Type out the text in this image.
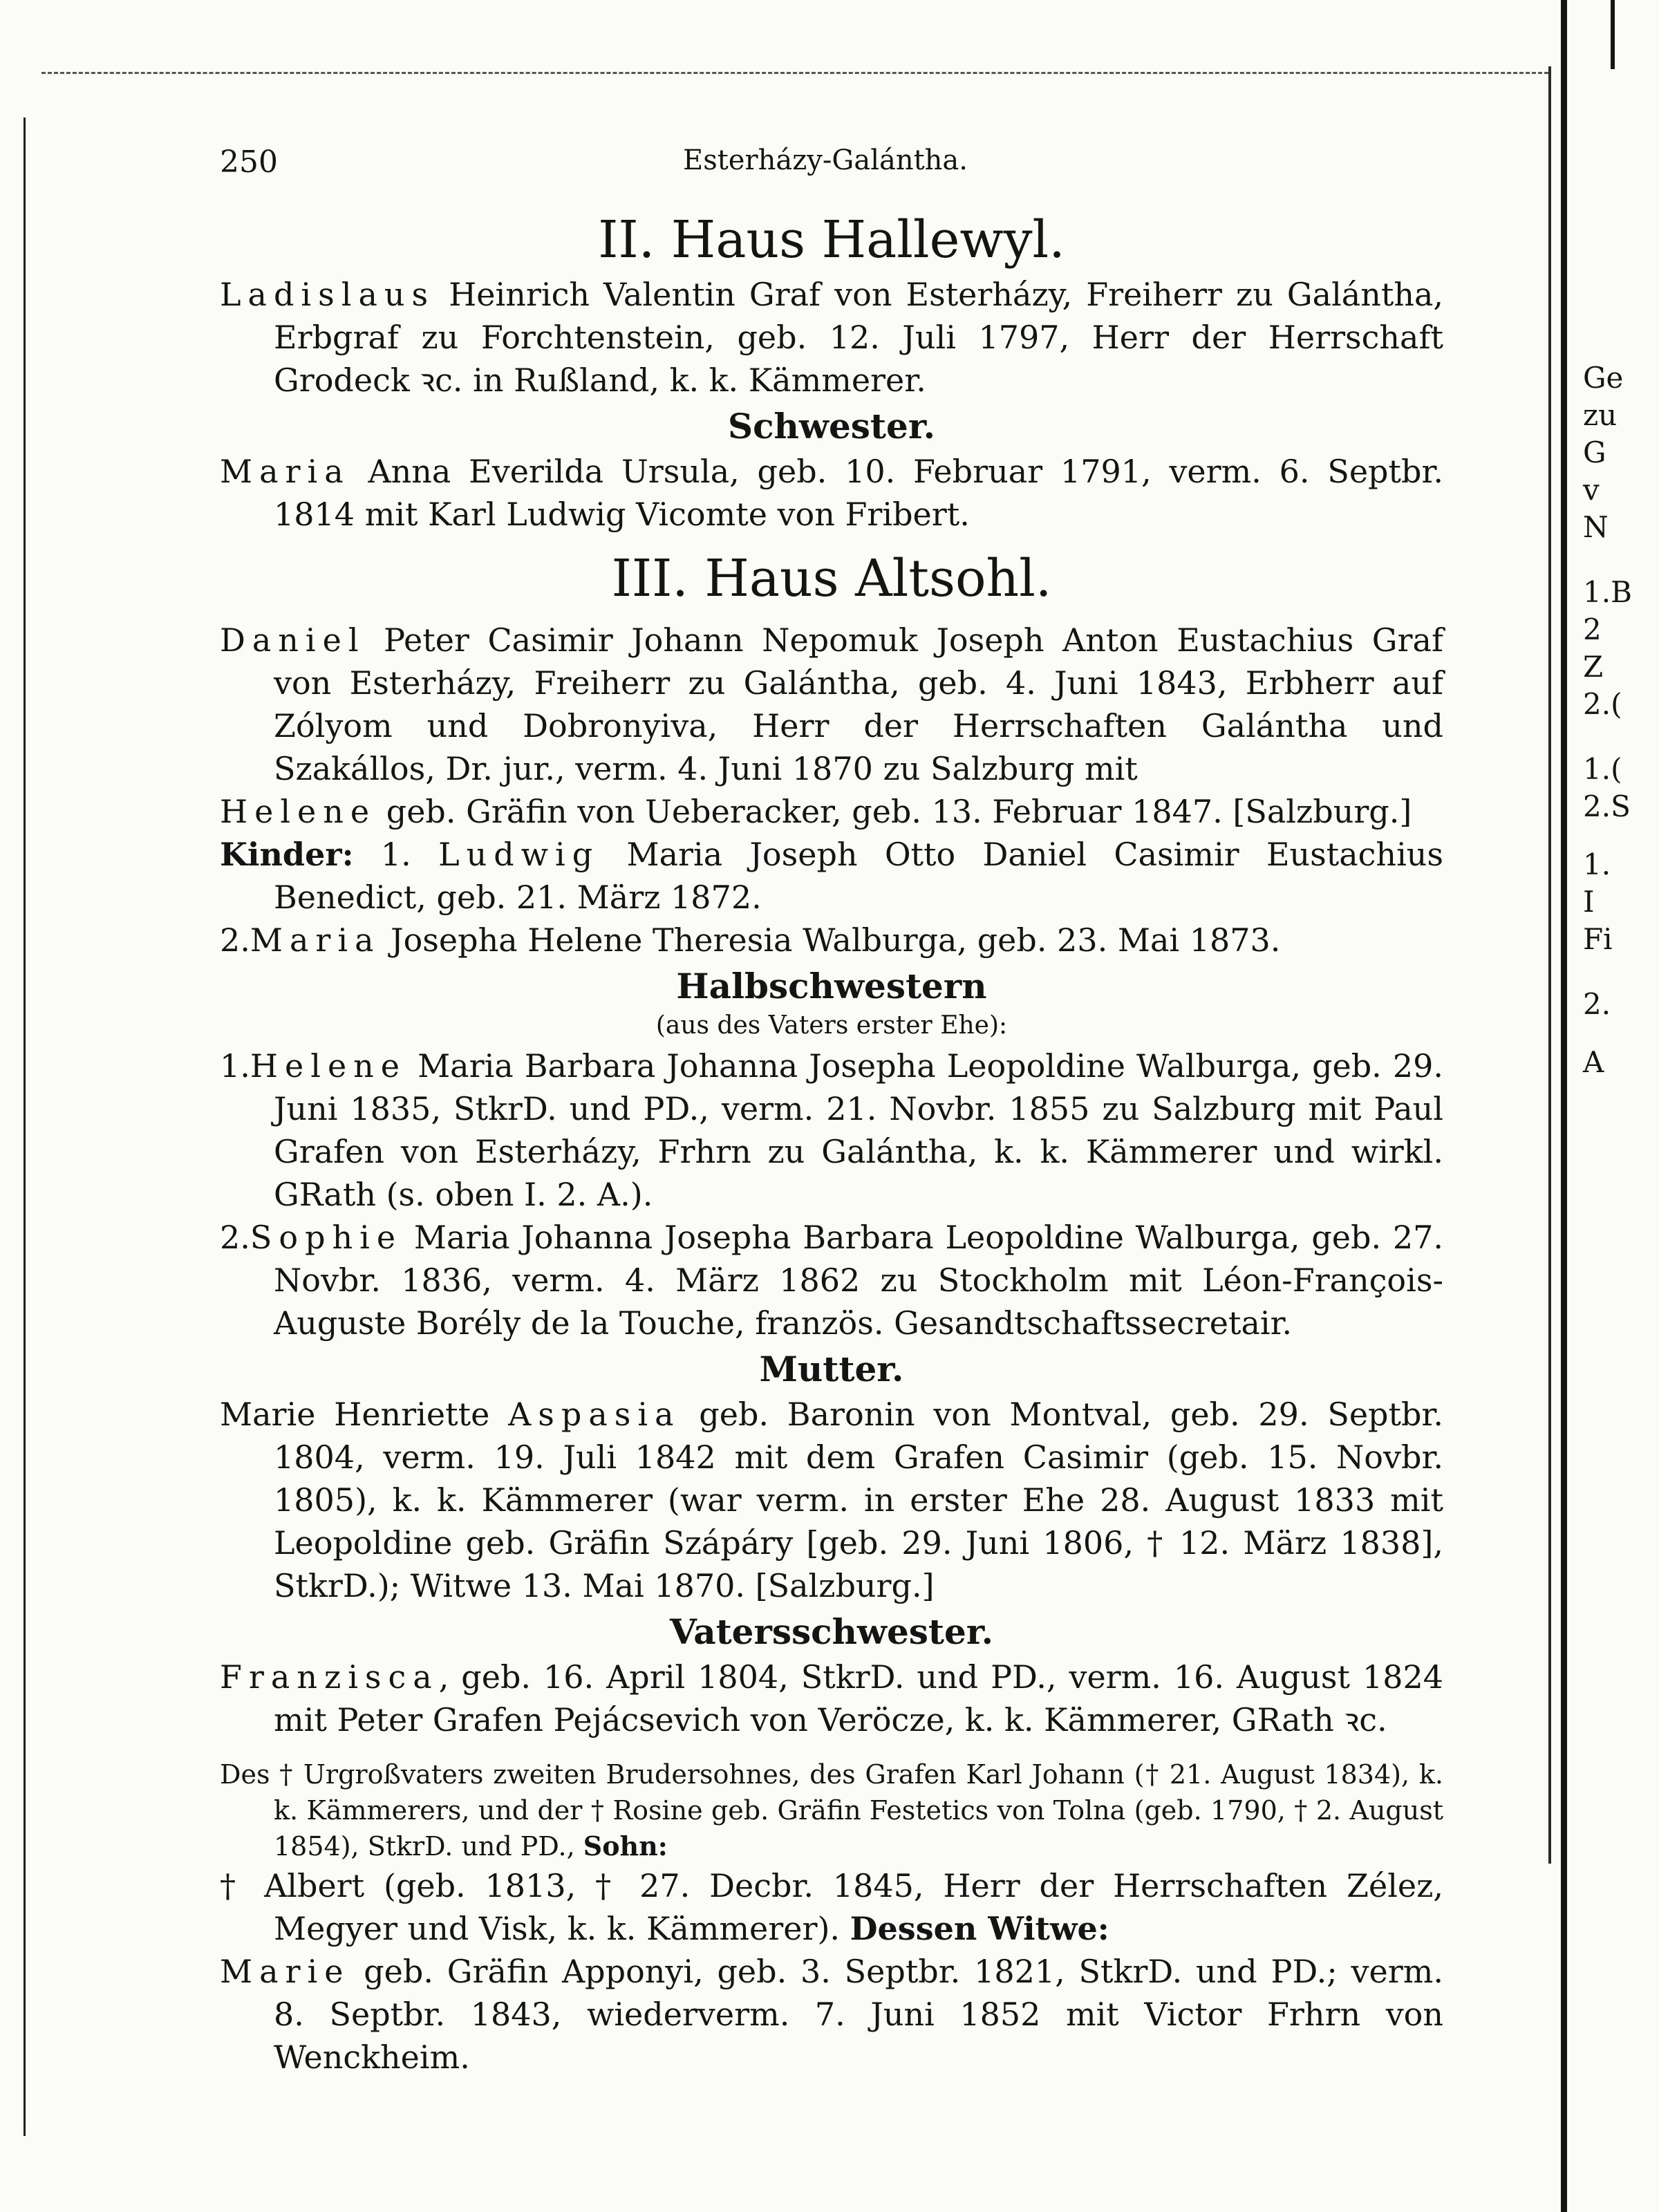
Ge
zu
G
v
N
1.B
2
Z
2.(
1.(
2.S
1.
I
Fi
2.
A
250	Esterházy-Galántha.
II. Haus Hallewyl.

Ladislaus Heinrich Valentin Graf von Esterházy, Freiherr zu Galántha, Erbgraf zu Forchtenstein, geb. 12. Juli 1797, Herr der Herrschaft Grodeck ꝛc. in Rußland, k. k. Kämmerer.

Schwester.

Maria Anna Everilda Ursula, geb. 10. Februar 1791, verm. 6. Septbr. 1814 mit Karl Ludwig Vicomte von Fribert.

III. Haus Altsohl.

Daniel Peter Casimir Johann Nepomuk Joseph Anton Eustachius Graf von Esterházy, Freiherr zu Galántha, geb. 4. Juni 1843, Erbherr auf Zólyom und Dobronyiva, Herr der Herrschaften Galántha und Szakállos, Dr. jur., verm. 4. Juni 1870 zu Salzburg mit

Helene geb. Gräfin von Ueberacker, geb. 13. Februar 1847. [Salzburg.]

Kinder: 1. Ludwig Maria Joseph Otto Daniel Casimir Eustachius Benedict, geb. 21. März 1872.

2.Maria Josepha Helene Theresia Walburga, geb. 23. Mai 1873.

Halbschwestern
(aus des Vaters erster Ehe):

1.Helene Maria Barbara Johanna Josepha Leopoldine Walburga, geb. 29. Juni 1835, StkrD. und PD., verm. 21. Novbr. 1855 zu Salzburg mit Paul Grafen von Esterházy, Frhrn zu Galántha, k. k. Kämmerer und wirkl. GRath (s. oben I. 2. A.).

2.Sophie Maria Johanna Josepha Barbara Leopoldine Walburga, geb. 27. Novbr. 1836, verm. 4. März 1862 zu Stockholm mit Léon-François-Auguste Borély de la Touche, französ. Gesandtschaftssecretair.

Mutter.

Marie Henriette Aspasia geb. Baronin von Montval, geb. 29. Septbr. 1804, verm. 19. Juli 1842 mit dem Grafen Casimir (geb. 15. Novbr. 1805), k. k. Kämmerer (war verm. in erster Ehe 28. August 1833 mit Leopoldine geb. Gräfin Szápáry [geb. 29. Juni 1806, † 12. März 1838], StkrD.); Witwe 13. Mai 1870. [Salzburg.]

Vatersschwester.

Franzisca, geb. 16. April 1804, StkrD. und PD., verm. 16. August 1824 mit Peter Grafen Pejácsevich von Veröcze, k. k. Kämmerer, GRath ꝛc.

Des † Urgroßvaters zweiten Brudersohnes, des Grafen Karl Johann († 21. August 1834), k. k. Kämmerers, und der † Rosine geb. Gräfin Festetics von Tolna (geb. 1790, † 2. August 1854), StkrD. und PD., Sohn:

† Albert (geb. 1813, † 27. Decbr. 1845, Herr der Herrschaften Zélez, Megyer und Visk, k. k. Kämmerer). Dessen Witwe:

Marie geb. Gräfin Apponyi, geb. 3. Septbr. 1821, StkrD. und PD.; verm. 8. Septbr. 1843, wiederverm. 7. Juni 1852 mit Victor Frhrn von Wenckheim.
